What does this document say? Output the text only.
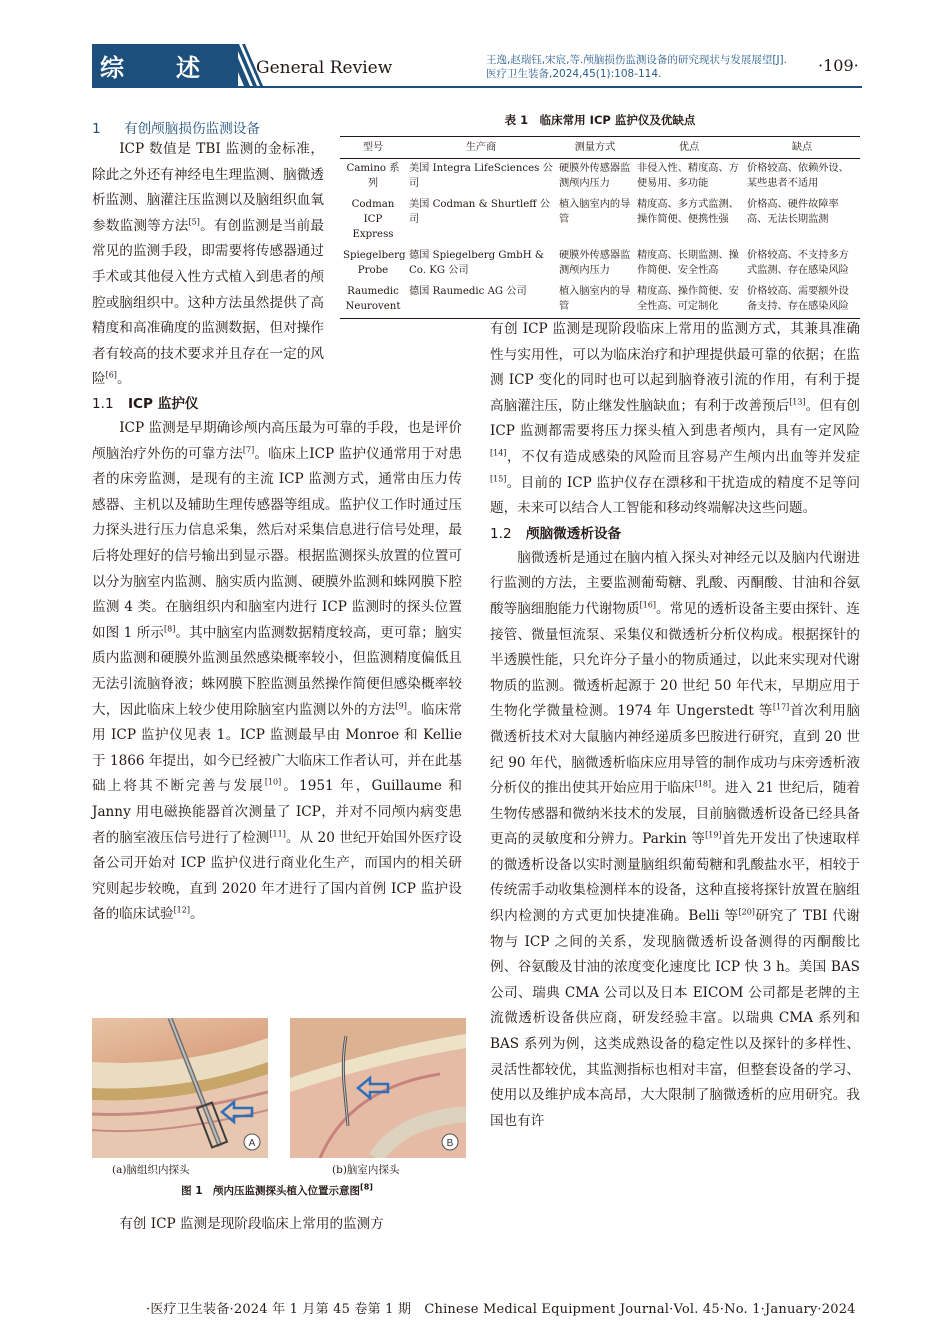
综 述	General Review	王逸,赵瑞钰,宋宸,等.颅脑损伤监测设备的研究现状与发展展望[J].
医疗卫生装备,2024,45(1):108-114.	·109·
1 有创颅脑损伤监测设备
表 1　临床常用 ICP 监护仪及优缺点
型号	生产商	测量方式	优点	缺点
Camino 系列	美国 Integra LifeSciences 公司	硬膜外传感器监测颅内压力	非侵入性、精度高、方便易用、多功能	价格较高、依赖外设、某些患者不适用
Codman ICP Express	美国 Codman & Shurtleff 公司	植入脑室内的导管	精度高、多方式监测、操作简便、便携性强	价格高、硬件故障率高、无法长期监测
Spiegelberg Probe	德国 Spiegelberg GmbH & Co. KG 公司	硬膜外传感器监测颅内压力	精度高、长期监测、操作简便、安全性高	价格较高、不支持多方式监测、存在感染风险
Raumedic Neurovent	德国 Raumedic AG 公司	植入脑室内的导管	精度高、操作简便、安全性高、可定制化	价格较高、需要额外设备支持、存在感染风险

ICP 数值是 TBI 监测的金标准，除此之外还有神经电生理监测、脑微透析监测、脑灌注压监测以及脑组织血氧参数监测等方法[5]。有创监测是当前最常见的监测手段，即需要将传感器通过手术或其他侵入性方式植入到患者的颅腔或脑组织中。这种方法虽然提供了高精度和高准确度的监测数据，但对操作者有较高的技术要求并且存在一定的风险[6]。

1.1 ICP 监护仪

ICP 监测是早期确诊颅内高压最为可靠的手段，也是评价颅脑治疗外伤的可靠方法[7]。临床上ICP 监护仪通常用于对患者的床旁监测，是现有的主流 ICP 监测方式，通常由压力传感器、主机以及辅助生理传感器等组成。监护仪工作时通过压力探头进行压力信息采集，然后对采集信息进行信号处理，最后将处理好的信号输出到显示器。根据监测探头放置的位置可以分为脑室内监测、脑实质内监测、硬膜外监测和蛛网膜下腔监测 4 类。在脑组织内和脑室内进行 ICP 监测时的探头位置如图 1 所示[8]。其中脑室内监测数据精度较高，更可靠；脑实质内监测和硬膜外监测虽然感染概率较小，但监测精度偏低且无法引流脑脊液；蛛网膜下腔监测虽然操作简便但感染概率较大，因此临床上较少使用除脑室内监测以外的方法[9]。临床常用 ICP 监护仪见表 1。ICP 监测最早由 Monroe 和 Kellie 于 1866 年提出，如今已经被广大临床工作者认可，并在此基础上将其不断完善与发展[10]。1951 年，Guillaume 和 Janny 用电磁换能器首次测量了 ICP，并对不同颅内病变患者的脑室液压信号进行了检测[11]。从 20 世纪开始国外医疗设备公司开始对 ICP 监护仪进行商业化生产，而国内的相关研究则起步较晚，直到 2020 年才进行了国内首例 ICP 监护设备的临床试验[12]。

A	B
(a)脑组织内探头	(b)脑室内探头
图 1　颅内压监测探头植入位置示意图[8]

有创 ICP 监测是现阶段临床上常用的监测方

有创 ICP 监测是现阶段临床上常用的监测方式，其兼具准确性与实用性，可以为临床治疗和护理提供最可靠的依据；在监测 ICP 变化的同时也可以起到脑脊液引流的作用，有利于提高脑灌注压，防止继发性脑缺血；有利于改善预后[13]。但有创 ICP 监测都需要将压力探头植入到患者颅内，具有一定风险[14]，不仅有造成感染的风险而且容易产生颅内出血等并发症[15]。目前的 ICP 监护仪存在漂移和干扰造成的精度不足等问题，未来可以结合人工智能和移动终端解决这些问题。

1.2 颅脑微透析设备

脑微透析是通过在脑内植入探头对神经元以及脑内代谢进行监测的方法，主要监测葡萄糖、乳酸、丙酮酸、甘油和谷氨酸等脑细胞能力代谢物质[16]。常见的透析设备主要由探针、连接管、微量恒流泵、采集仪和微透析分析仪构成。根据探针的半透膜性能，只允许分子量小的物质通过，以此来实现对代谢物质的监测。微透析起源于 20 世纪 50 年代末，早期应用于生物化学微量检测。1974 年 Ungerstedt 等[17]首次利用脑微透析技术对大鼠脑内神经递质多巴胺进行研究，直到 20 世纪 90 年代，脑微透析临床应用导管的制作成功与床旁透析液分析仪的推出使其开始应用于临床[18]。进入 21 世纪后，随着生物传感器和微纳米技术的发展，目前脑微透析设备已经具备更高的灵敏度和分辨力。Parkin 等[19]首先开发出了快速取样的微透析设备以实时测量脑组织葡萄糖和乳酸盐水平，相较于传统需手动收集检测样本的设备，这种直接将探针放置在脑组织内检测的方式更加快捷准确。Belli 等[20]研究了 TBI 代谢物与 ICP 之间的关系，发现脑微透析设备测得的丙酮酸比例、谷氨酸及甘油的浓度变化速度比 ICP 快 3 h。美国 BAS 公司、瑞典 CMA 公司以及日本 EICOM 公司都是老牌的主流微透析设备供应商，研发经验丰富。以瑞典 CMA 系列和 BAS 系列为例，这类成熟设备的稳定性以及探针的多样性、灵活性都较优，其监测指标也相对丰富，但整套设备的学习、使用以及维护成本高昂，大大限制了脑微透析的应用研究。我国也有许

·医疗卫生装备·2024 年 1 月第 45 卷第 1 期　Chinese Medical Equipment Journal·Vol. 45·No. 1·January·2024
